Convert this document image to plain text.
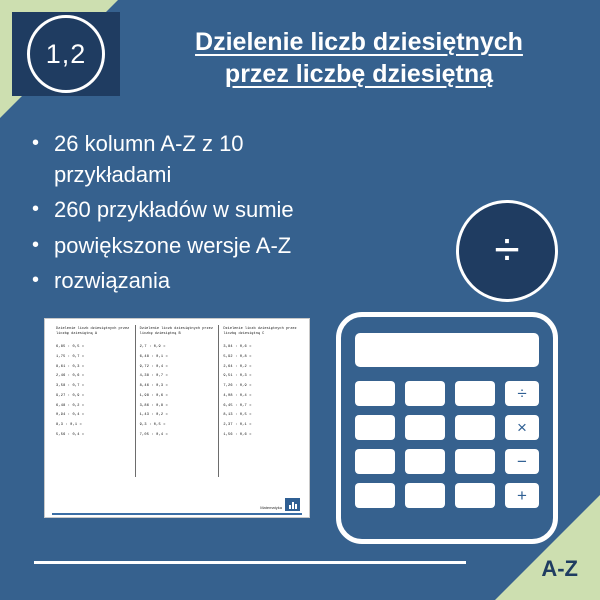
1,2	Dzielenie liczb dziesiętnych
przez liczbę dziesiętną
• 26 kolumn A-Z z 10 przykładami
• 260 przykładów w sumie
• powiększone wersje A-Z
• rozwiązania
÷
Dzielenie liczb dziesiętnych przez liczbę dziesiętną A
6,85 : 0,5 =
1,75 : 0,7 =
8,61 : 0,3 =
2,46 : 0,6 =
3,58 : 0,7 =
9,27 : 0,9 =
6,48 : 0,2 =
0,94 : 0,4 =
8,3 : 0,1 =
5,56 : 0,4 =
Dzielenie liczb dziesiętnych przez liczbę dziesiętną B
2,7 : 0,9 =
6,48 : 0,1 =
9,72 : 0,4 =
4,38 : 0,7 =
8,46 : 0,3 =
1,98 : 0,6 =
3,86 : 0,8 =
1,43 : 0,2 =
9,3 : 0,5 =
7,05 : 0,4 =
Dzielenie liczb dziesiętnych przez liczbę dziesiętną C
3,84 : 0,6 =
5,92 : 0,8 =
2,64 : 0,2 =
9,51 : 0,3 =
7,26 : 0,9 =
4,08 : 0,4 =
6,45 : 0,7 =
8,13 : 0,5 =
2,37 : 0,1 =
1,56 : 0,6 =
Matematyka
÷
×
−
+
A-Z
